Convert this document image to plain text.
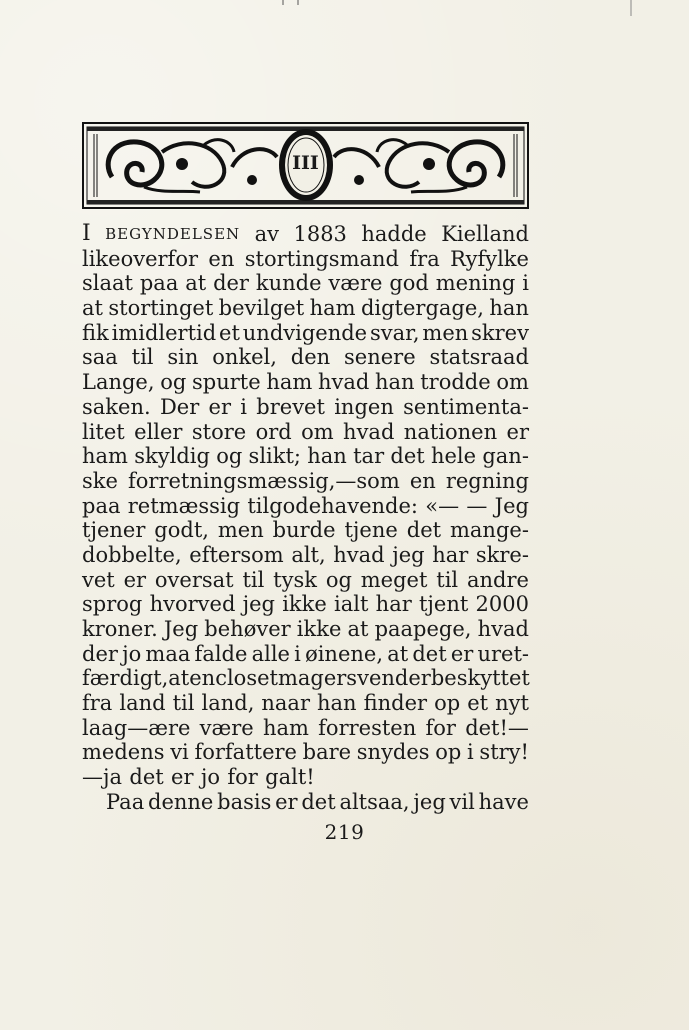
III
I BEGYNDELSEN av 1883 hadde Kielland
likeoverfor en stortingsmand fra Ryfylke
slaat paa at der kunde være god mening i
at stortinget bevilget ham digtergage, han
fik imidlertid et undvigende svar, men skrev
saa til sin onkel, den senere statsraad
Lange, og spurte ham hvad han trodde om
saken. Der er i brevet ingen sentimenta-
litet eller store ord om hvad nationen er
ham skyldig og slikt; han tar det hele gan-
ske forretningsmæssig,—som en regning
paa retmæssig tilgodehavende: «— — Jeg
tjener godt, men burde tjene det mange-
dobbelte, eftersom alt, hvad jeg har skre-
vet er oversat til tysk og meget til andre
sprog hvorved jeg ikke ialt har tjent 2000
kroner. Jeg behøver ikke at paapege, hvad
der jo maa falde alle i øinene, at det er uret-
færdigt, at en closetmagersvend er beskyttet
fra land til land, naar han finder op et nyt
laag—ære være ham forresten for det!—
medens vi forfattere bare snydes op i stry!
—ja det er jo for galt!
Paa denne basis er det altsaa, jeg vil have
219
